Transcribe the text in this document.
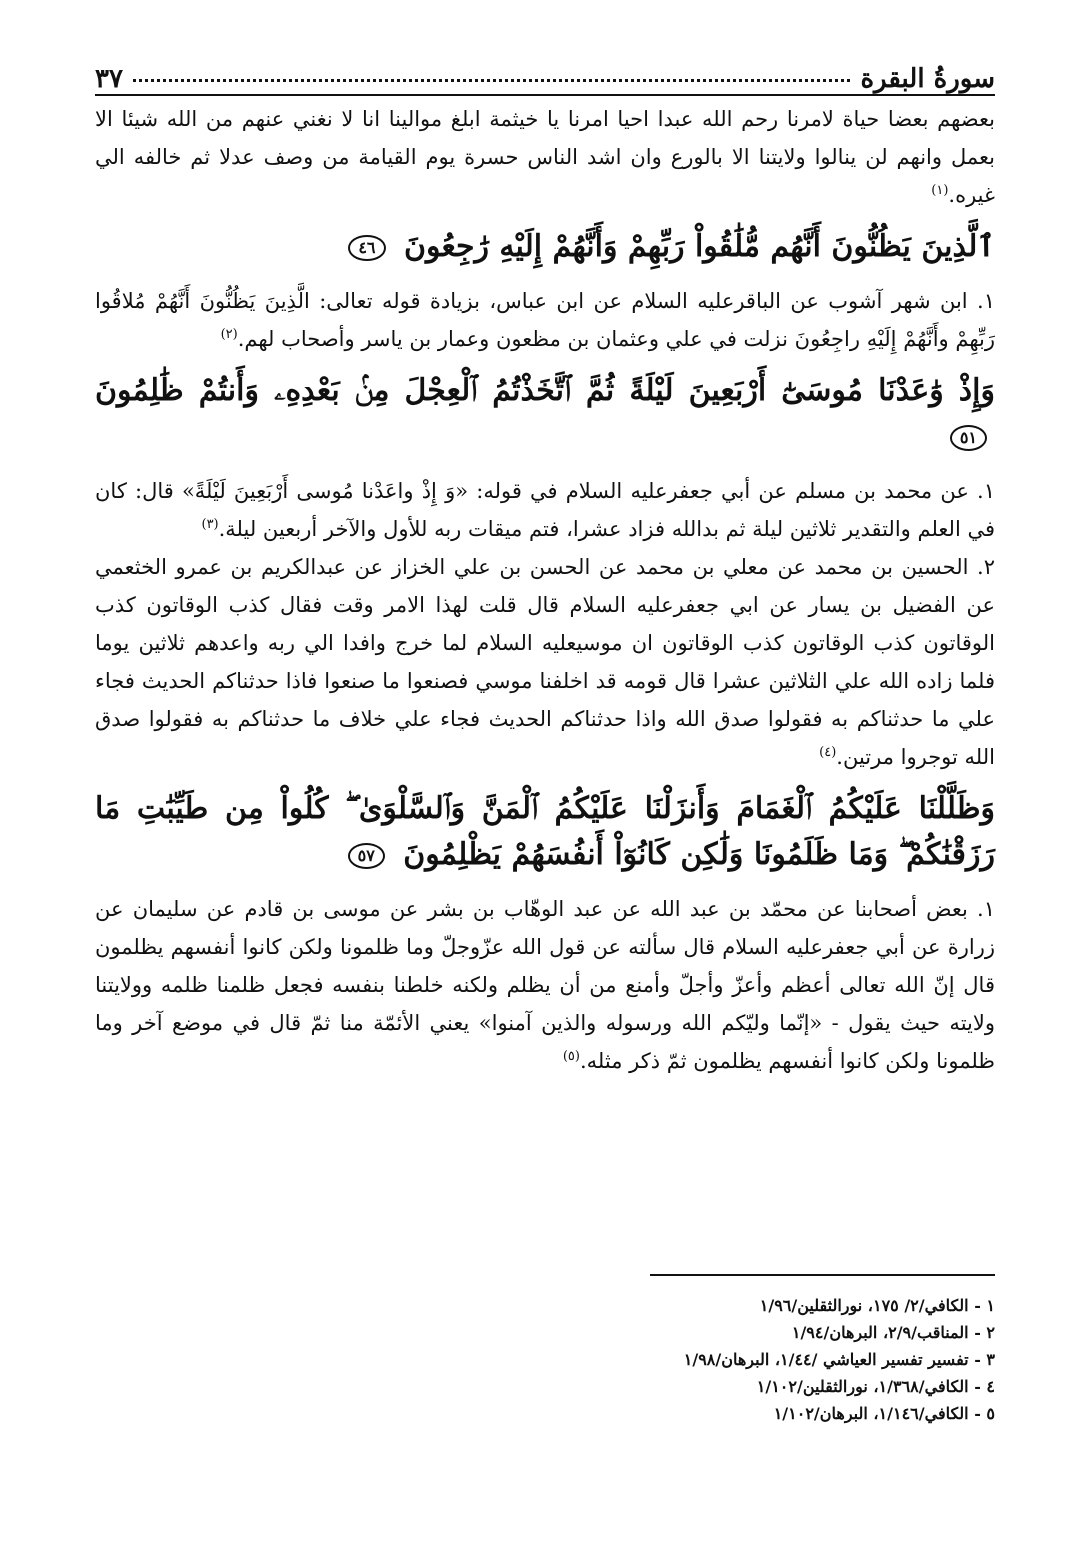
سورةُ البقرة
٣٧

بعضهم بعضا حياة لامرنا رحم الله عبدا احيا امرنا يا خيثمة ابلغ موالينا انا لا نغني عنهم من الله شيئا الا بعمل وانهم لن ينالوا ولايتنا الا بالورع وان اشد الناس حسرة يوم القيامة من وصف عدلا ثم خالفه الي غيره.$^{(١)}$

ٱلَّذِينَ يَظُنُّونَ أَنَّهُم مُّلَٰقُواْ رَبِّهِمْ وَأَنَّهُمْ إِلَيْهِ رَٰجِعُونَ ٤٦

١. ابن شهر آشوب عن الباقرعليه السلام عن ابن عباس، بزيادة قوله تعالى: الَّذِينَ يَظُنُّونَ أَنَّهُمْ مُلاقُوا رَبِّهِمْ وأَنَّهُمْ إِلَيْهِ راجِعُونَ نزلت في علي وعثمان بن مظعون وعمار بن ياسر وأصحاب لهم.$^{(٢)}$

وَإِذْ وَٰعَدْنَا مُوسَىٰٓ أَرْبَعِينَ لَيْلَةً ثُمَّ ٱتَّخَذْتُمُ ٱلْعِجْلَ مِنۢ بَعْدِهِۦ وَأَنتُمْ ظَٰلِمُونَ ٥١

١. عن محمد بن مسلم عن أبي جعفرعليه السلام في قوله: «وَ إِذْ واعَدْنا مُوسى أَرْبَعِينَ لَيْلَةً» قال: كان في العلم والتقدير ثلاثين ليلة ثم بدالله فزاد عشرا، فتم ميقات ربه للأول والآخر أربعين ليلة.$^{(٣)}$

٢. الحسين بن محمد عن معلي بن محمد عن الحسن بن علي الخزاز عن عبدالكريم بن عمرو الخثعمي عن الفضيل بن يسار عن ابي جعفرعليه السلام قال قلت لهذا الامر وقت فقال كذب الوقاتون كذب الوقاتون كذب الوقاتون كذب الوقاتون ان موسيعليه السلام لما خرج وافدا الي ربه واعدهم ثلاثين يوما فلما زاده الله علي الثلاثين عشرا قال قومه قد اخلفنا موسي فصنعوا ما صنعوا فاذا حدثناكم الحديث فجاء علي ما حدثناكم به فقولوا صدق الله واذا حدثناكم الحديث فجاء علي خلاف ما حدثناكم به فقولوا صدق الله توجروا مرتين.$^{(٤)}$

وَظَلَّلْنَا عَلَيْكُمُ ٱلْغَمَامَ وَأَنزَلْنَا عَلَيْكُمُ ٱلْمَنَّ وَٱلسَّلْوَىٰ ۖ كُلُواْ مِن طَيِّبَٰتِ مَا رَزَقْنَٰكُمْ ۖ وَمَا ظَلَمُونَا وَلَٰكِن كَانُوٓاْ أَنفُسَهُمْ يَظْلِمُونَ ٥٧

١. بعض أصحابنا عن محمّد بن عبد الله عن عبد الوهّاب بن بشر عن موسى بن قادم عن سليمان عن زرارة عن أبي جعفرعليه السلام قال سألته عن قول الله عزّوجلّ وما ظلمونا ولكن كانوا أنفسهم يظلمون قال إنّ الله تعالى أعظم وأعزّ وأجلّ وأمنع من أن يظلم ولكنه خلطنا بنفسه فجعل ظلمنا ظلمه وولايتنا ولايته حيث يقول - «إنّما وليّكم الله ورسوله والذين آمنوا» يعني الأئمّة منا ثمّ قال في موضع آخر وما ظلمونا ولكن كانوا أنفسهم يظلمون ثمّ ذكر مثله.$^{(٥)}$

١ - الكافي/٢/ ١٧٥، نورالثقلين/١/٩٦
٢ - المناقب/٢/٩، البرهان/١/٩٤
٣ - تفسير تفسير العياشي /١/٤٤، البرهان/١/٩٨
٤ - الكافي/١/٣٦٨، نورالثقلين/١/١٠٢
٥ - الكافي/١/١٤٦، البرهان/١/١٠٢
